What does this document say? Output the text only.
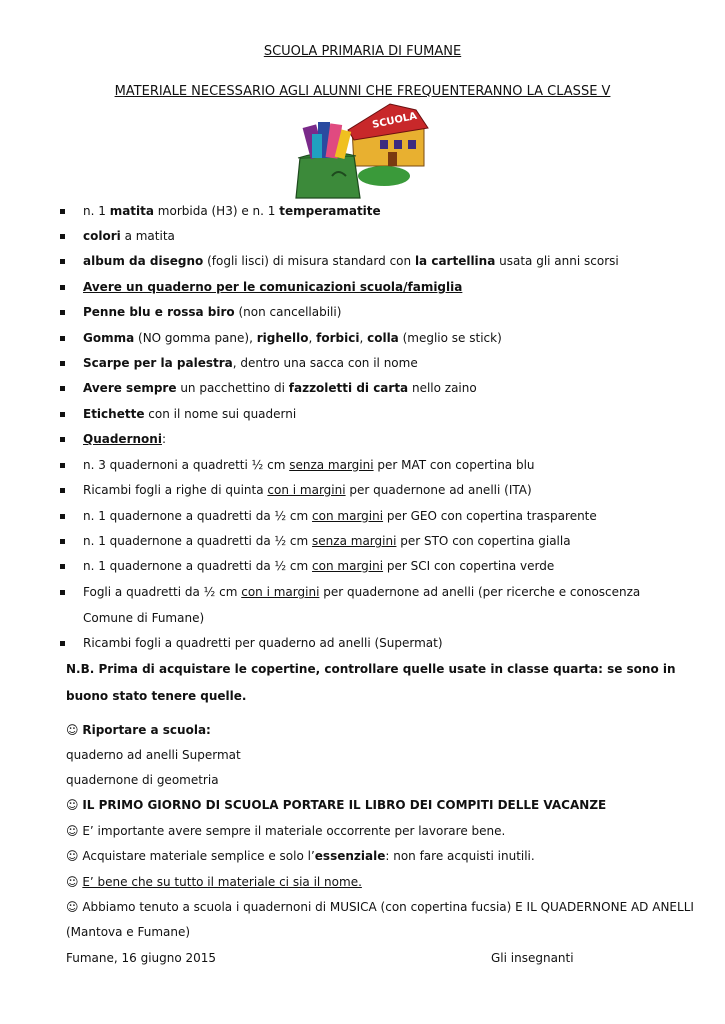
SCUOLA PRIMARIA DI FUMANE
MATERIALE NECESSARIO AGLI ALUNNI CHE FREQUENTERANNO LA CLASSE V
SCUOLA
n. 1 matita morbida (H3) e n. 1 temperamatite
colori a matita
album da disegno (fogli lisci) di misura standard con la cartellina usata gli anni scorsi
Avere un quaderno per le comunicazioni scuola/famiglia
Penne blu e rossa biro (non cancellabili)
Gomma (NO gomma pane), righello, forbici, colla (meglio se stick)
Scarpe per la palestra, dentro una sacca con il nome
Avere sempre un pacchettino di fazzoletti di carta nello zaino
Etichette con il nome sui quaderni
Quadernoni:
n. 3 quadernoni a quadretti ½ cm senza margini per MAT con copertina blu
Ricambi fogli a righe di quinta con i margini per quadernone ad anelli (ITA)
n. 1 quadernone a quadretti da ½ cm con margini per GEO con copertina trasparente
n. 1 quadernone a quadretti da ½ cm senza margini per STO con copertina gialla
n. 1 quadernone a quadretti da ½ cm con margini per SCI con copertina verde
Fogli a quadretti da ½ cm con i margini per quadernone ad anelli (per ricerche e conoscenza Comune di Fumane)
Ricambi fogli a quadretti per quaderno ad anelli (Supermat)
N.B. Prima di acquistare le copertine, controllare quelle usate in classe quarta: se sono in buono stato tenere quelle.
☺ Riportare a scuola:
quaderno ad anelli Supermat
quadernone di geometria
☺ IL PRIMO GIORNO DI SCUOLA PORTARE IL LIBRO DEI COMPITI DELLE VACANZE
☺ E’ importante avere sempre il materiale occorrente per lavorare bene.
☺ Acquistare materiale semplice e solo l’essenziale: non fare acquisti inutili.
☺ E’ bene che su tutto il materiale ci sia il nome.
☺ Abbiamo tenuto a scuola i quadernoni di MUSICA (con copertina fucsia) E IL QUADERNONE AD ANELLI
(Mantova e Fumane)
Fumane, 16 giugno 2015	Gli insegnanti
